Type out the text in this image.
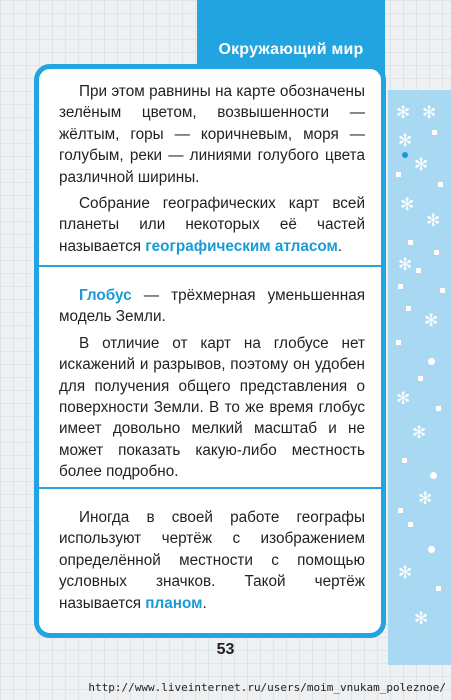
✻ ✻
✻
✻
✻
✻
✻
✻
✻
✻
✻
✻
✻
Окружающий мир

При этом равнины на карте обозначены зелёным цветом, возвышенности — жёлтым, горы — коричневым, моря — голубым, реки — линиями голубого цвета различной ширины.

Собрание географических карт всей планеты или некоторых её частей называется географическим атласом.

Глобус — трёхмерная уменьшенная модель Земли.

В отличие от карт на глобусе нет искажений и разрывов, поэтому он удобен для получения общего представления о поверхности Земли. В то же время глобус имеет довольно мелкий масштаб и не может показать какую-либо местность более подробно.

Иногда в своей работе географы используют чертёж с изображением определённой местности с помощью условных значков. Такой чертёж называется планом.

53
http://www.liveinternet.ru/users/moim_vnukam_poleznoe/
